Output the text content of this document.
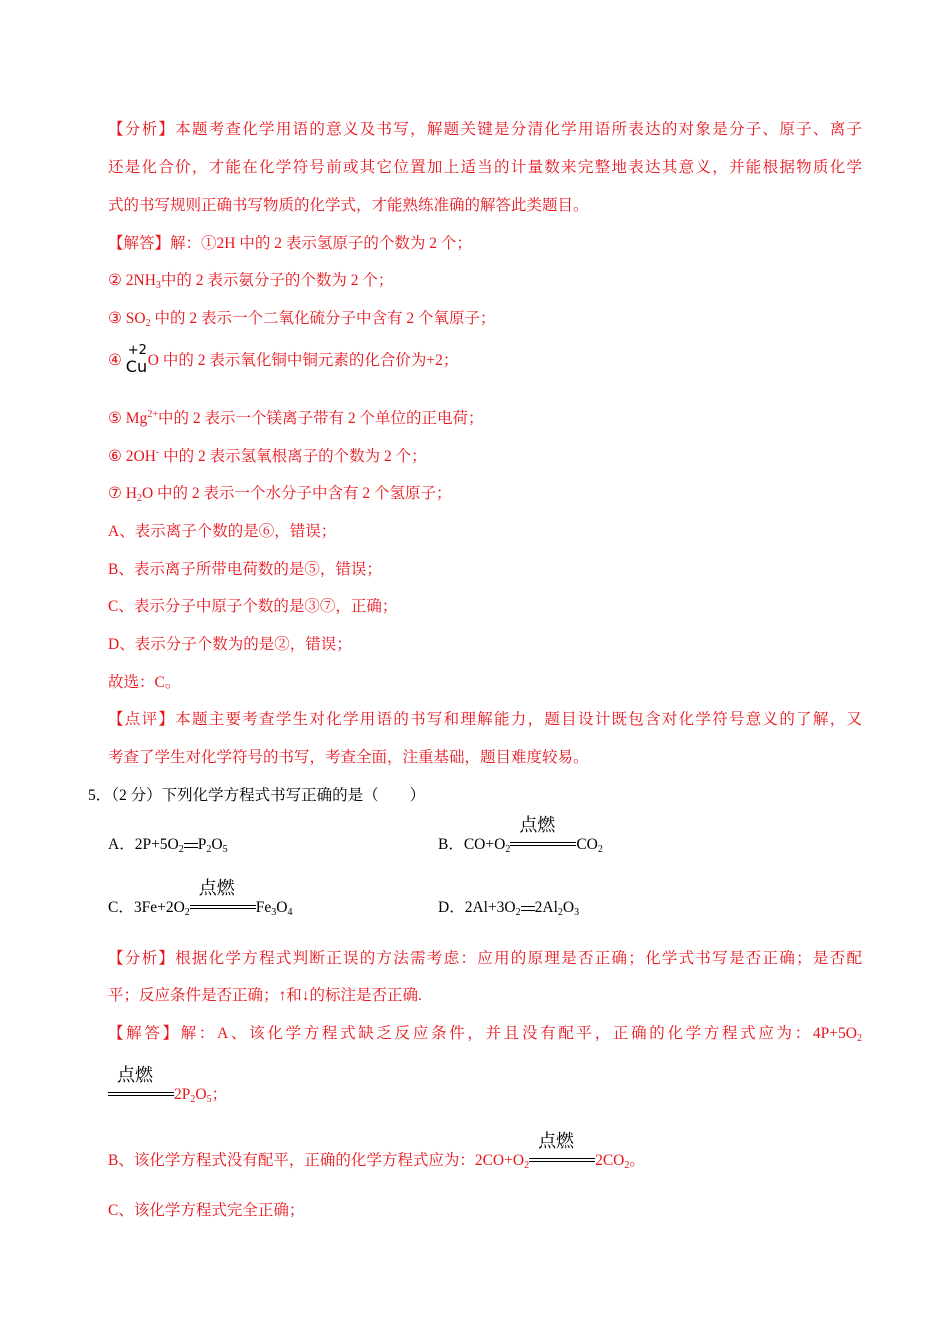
【分析】本题考查化学用语的意义及书写，解题关键是分清化学用语所表达的对象是分子、原子、离子
还是化合价，才能在化学符号前或其它位置加上适当的计量数来完整地表达其意义，并能根据物质化学
式的书写规则正确书写物质的化学式，才能熟练准确的解答此类题目。
【解答】解：①2H 中的 2 表示氢原子的个数为 2 个；
② $2NH_3$中的 2 表示氨分子的个数为 2 个；
③ $SO_2$ 中的 2 表示一个二氧化硫分子中含有 2 个氧原子；
④
+2
Cu O 中的 2 表示氧化铜中铜元素的化合价为+2；
⑤ $Mg^{2+}$中的 2 表示一个镁离子带有 2 个单位的正电荷；
⑥ 2OH- 中的 2 表示氢氧根离子的个数为 2 个；
⑦ $H_2O$ 中的 2 表示一个水分子中含有 2 个氢原子；
A、表示离子个数的是⑥，错误；
B、表示离子所带电荷数的是⑤，错误；
C、表示分子中原子个数的是③⑦，正确；
D、表示分子个数为的是②，错误；
故选：C。
【点评】本题主要考查学生对化学用语的书写和理解能力，题目设计既包含对化学符号意义的了解，又
考查了学生对化学符号的书写，考查全面，注重基础，题目难度较易。
5．（2 分）下列化学方程式书写正确的是（　　）
A．$2P+5O_2$ $P_2O_5$	B．$CO+O_2$
点燃
$CO_2$
C．$3Fe+2O_2$
点燃
$Fe_3O_4$	D．$2Al+3O_2$ $2Al_2O_3$
【分析】根据化学方程式判断正误的方法需考虑：应用的原理是否正确；化学式书写是否正确；是否配
平；反应条件是否正确；↑和↓的标注是否正确.
【解答】解：A、该化学方程式缺乏反应条件，并且没有配平，正确的化学方程式应为：$4P+5O_2$
点燃
$2P_2O_5$；
B、该化学方程式没有配平，正确的化学方程式应为：$2CO+O_2$
点燃
$2CO_2$。
C、该化学方程式完全正确；
